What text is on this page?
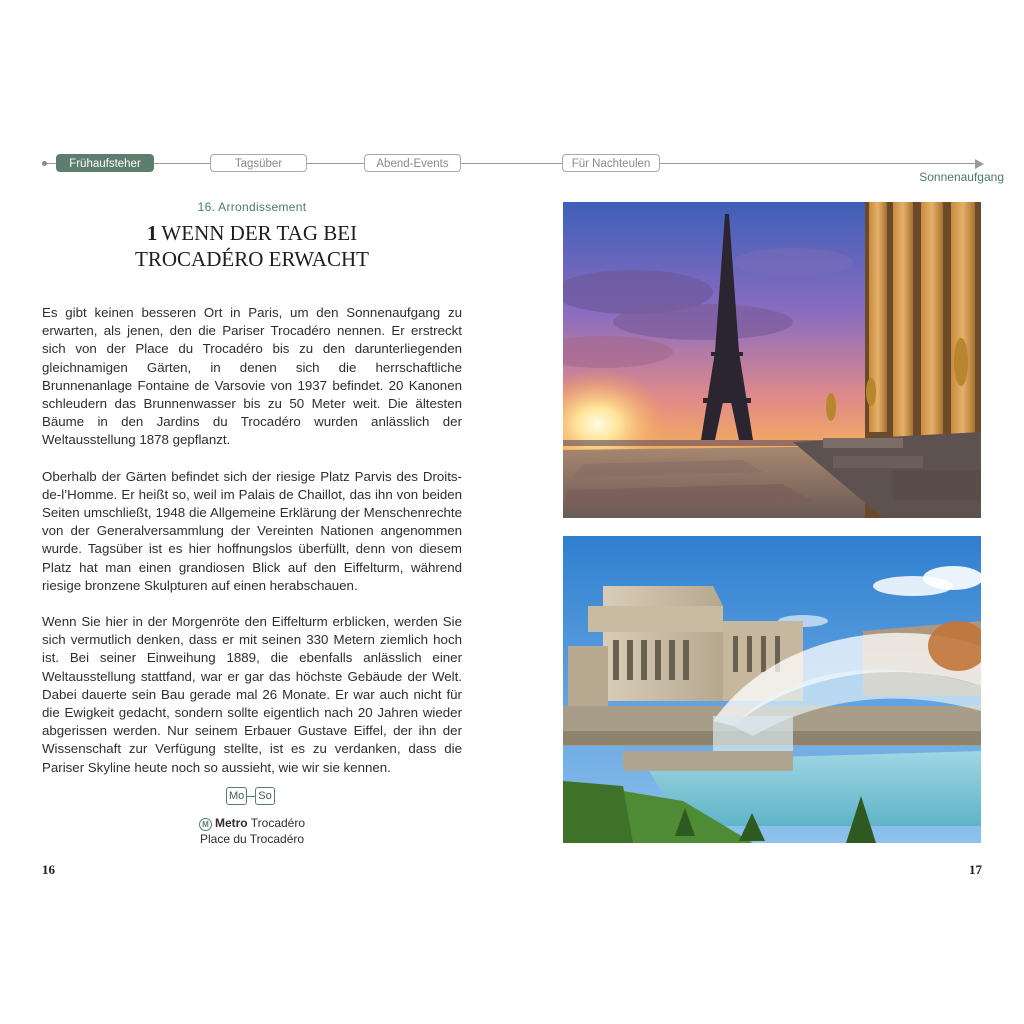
Frühaufsteher	Tagsüber	Abend-Events	Für Nachteulen
Sonnenaufgang
16. Arrondissement
1 WENN DER TAG BEI
TROCADÉRO ERWACHT

Es gibt keinen besseren Ort in Paris, um den Sonnenaufgang zu erwarten, als jenen, den die Pariser Trocadéro nennen. Er erstreckt sich von der Place du Trocadéro bis zu den darunterliegenden gleichnamigen Gärten, in denen sich die herrschaftliche Brunnenanlage Fontaine de Varsovie von 1937 befindet. 20 Kanonen schleudern das Brunnenwasser bis zu 50 Meter weit. Die ältesten Bäume in den Jardins du Trocadéro wurden anlässlich der Weltausstellung 1878 gepflanzt.

Oberhalb der Gärten befindet sich der riesige Platz Parvis des Droits-de-l’Homme. Er heißt so, weil im Palais de Chaillot, das ihn von beiden Seiten umschließt, 1948 die Allgemeine Erklärung der Menschenrechte von der Generalversammlung der Vereinten Nationen angenommen wurde. Tagsüber ist es hier hoffnungslos überfüllt, denn von diesem Platz hat man einen grandiosen Blick auf den Eiffelturm, während riesige bronzene Skulpturen auf einen herabschauen.

Wenn Sie hier in der Morgenröte den Eiffelturm erblicken, werden Sie sich vermutlich denken, dass er mit seinen 330 Metern ziemlich hoch ist. Bei seiner Einweihung 1889, die ebenfalls anlässlich einer Weltausstellung stattfand, war er gar das höchste Gebäude der Welt. Dabei dauerte sein Bau gerade mal 26 Monate. Er war auch nicht für die Ewigkeit gedacht, sondern sollte eigentlich nach 20 Jahren wieder abgerissen werden. Nur seinem Erbauer Gustave Eiffel, der ihn der Wissenschaft zur Verfügung stellte, ist es zu verdanken, dass die Pariser Skyline heute noch so aussieht, wie wir sie kennen.

Mo So
M Metro Trocadéro
Place du Trocadéro
16	17
